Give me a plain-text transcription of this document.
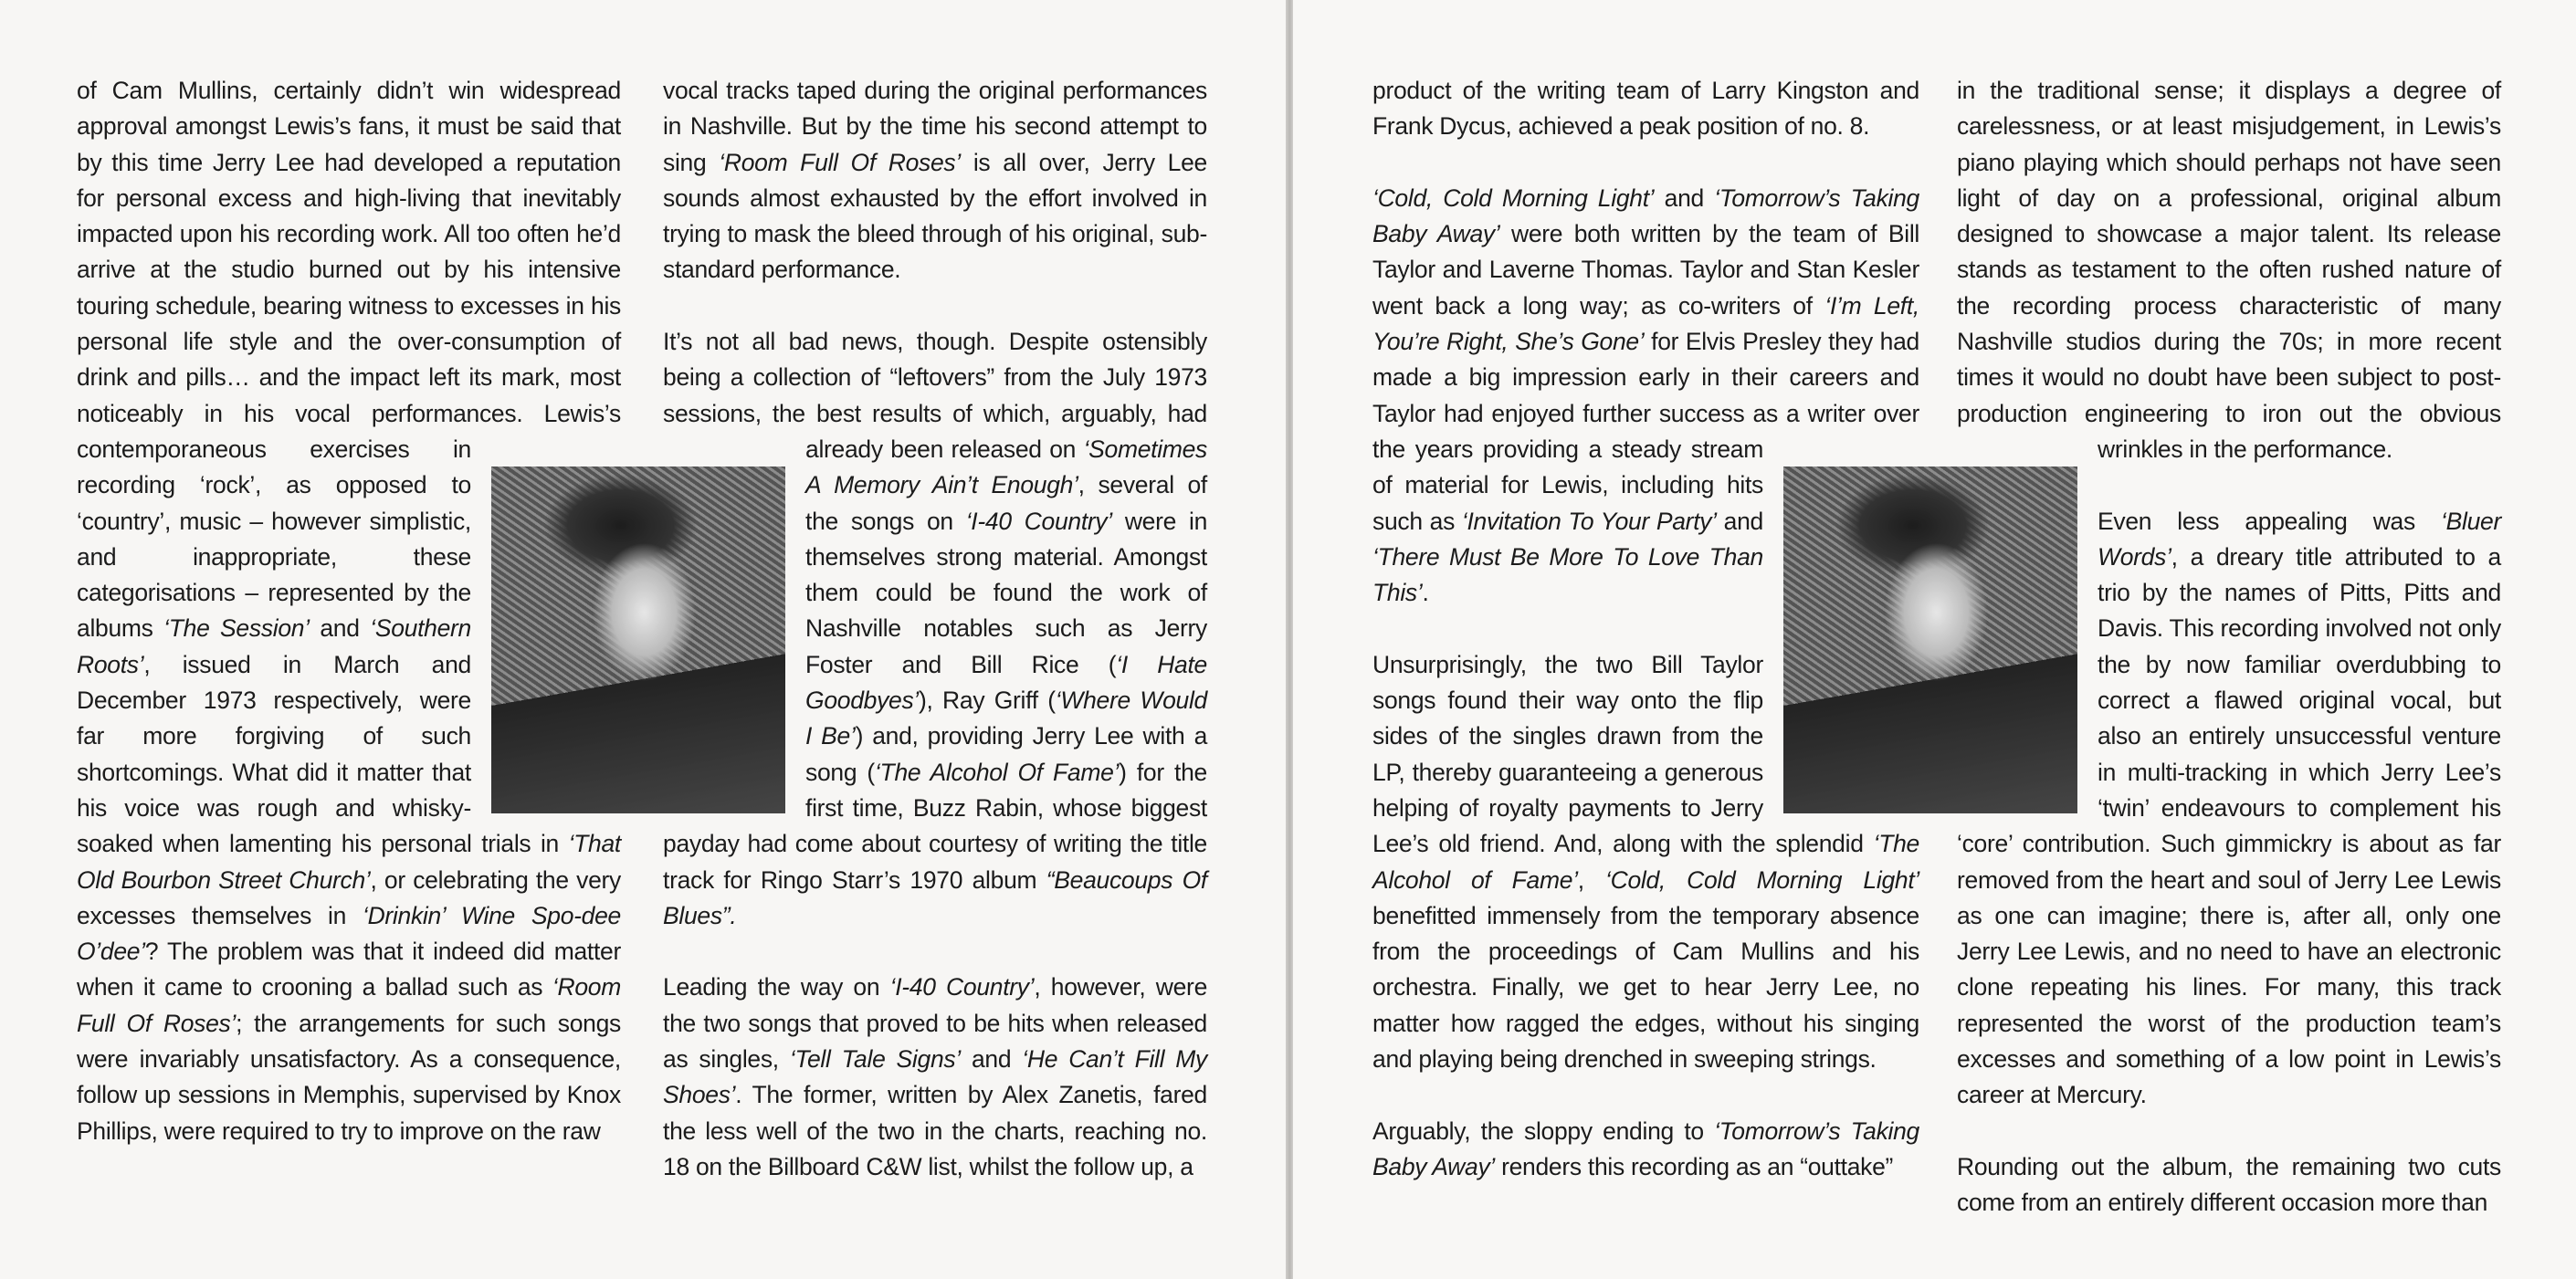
of Cam Mullins, certainly didn’t win widespread approval amongst Lewis’s fans, it must be said that by this time Jerry Lee had developed a reputation for personal excess and high-living that inevitably impacted upon his recording work. All too often he’d arrive at the studio burned out by his intensive touring schedule, bearing witness to excesses in his personal life style and the over-consumption of drink and pills… and the impact left its mark, most noticeably in his vocal performances. Lewis’s contemporaneous exercises in recording ‘rock’, as opposed to ‘country’, music – however simplistic, and inappropriate, these categorisations – represented by the albums ‘The Session’ and ‘Southern Roots’, issued in March and December 1973 respectively, were far more forgiving of such shortcomings. What did it matter that his voice was rough and whisky-soaked when lamenting his personal trials in ‘That Old Bourbon Street Church’, or celebrating the very excesses themselves in ‘Drinkin’ Wine Spo-dee O’dee’? The problem was that it indeed did matter when it came to crooning a ballad such as ‘Room Full Of Roses’; the arrangements for such songs were invariably unsatisfactory. As a consequence, follow up sessions in Memphis, supervised by Knox Phillips, were required to try to improve on the raw

vocal tracks taped during the original performances in Nashville. But by the time his second attempt to sing ‘Room Full Of Roses’ is all over, Jerry Lee sounds almost exhausted by the effort involved in trying to mask the bleed through of his original, sub-standard performance.

It’s not all bad news, though. Despite ostensibly being a collection of “leftovers” from the July 1973 sessions, the best results of which, arguably, had already been released on ‘Sometimes A Memory Ain’t Enough’, several of the songs on ‘I-40 Country’ were in themselves strong material. Amongst them could be found the work of Nashville notables such as Jerry Foster and Bill Rice (‘I Hate Goodbyes’), Ray Griff (‘Where Would I Be’) and, providing Jerry Lee with a song (‘The Alcohol Of Fame’) for the first time, Buzz Rabin, whose biggest payday had come about courtesy of writing the title track for Ringo Starr’s 1970 album “Beaucoups Of Blues”.

Leading the way on ‘I-40 Country’, however, were the two songs that proved to be hits when released as singles, ‘Tell Tale Signs’ and ‘He Can’t Fill My Shoes’. The former, written by Alex Zanetis, fared the less well of the two in the charts, reaching no. 18 on the Billboard C&W list, whilst the follow up, a

product of the writing team of Larry Kingston and Frank Dycus, achieved a peak position of no. 8.

‘Cold, Cold Morning Light’ and ‘Tomorrow’s Taking Baby Away’ were both written by the team of Bill Taylor and Laverne Thomas. Taylor and Stan Kesler went back a long way; as co-writers of ‘I’m Left, You’re Right, She’s Gone’ for Elvis Presley they had made a big impression early in their careers and Taylor had enjoyed further success as a writer over the years providing a steady stream of material for Lewis, including hits such as ‘Invitation To Your Party’ and ‘There Must Be More To Love Than This’.

Unsurprisingly, the two Bill Taylor songs found their way onto the flip sides of the singles drawn from the LP, thereby guaranteeing a generous helping of royalty payments to Jerry Lee’s old friend. And, along with the splendid ‘The Alcohol of Fame’, ‘Cold, Cold Morning Light’ benefitted immensely from the temporary absence from the proceedings of Cam Mullins and his orchestra. Finally, we get to hear Jerry Lee, no matter how ragged the edges, without his singing and playing being drenched in sweeping strings.

Arguably, the sloppy ending to ‘Tomorrow’s Taking Baby Away’ renders this recording as an “outtake”

in the traditional sense; it displays a degree of carelessness, or at least misjudgement, in Lewis’s piano playing which should perhaps not have seen light of day on a professional, original album designed to showcase a major talent. Its release stands as testament to the often rushed nature of the recording process characteristic of many Nashville studios during the 70s; in more recent times it would no doubt have been subject to post-production engineering to iron out the obvious wrinkles in the performance.

Even less appealing was ‘Bluer Words’, a dreary title attributed to a trio by the names of Pitts, Pitts and Davis. This recording involved not only the by now familiar overdubbing to correct a flawed original vocal, but also an entirely unsuccessful venture in multi-tracking in which Jerry Lee’s ‘twin’ endeavours to complement his ‘core’ contribution. Such gimmickry is about as far removed from the heart and soul of Jerry Lee Lewis as one can imagine; there is, after all, only one Jerry Lee Lewis, and no need to have an electronic clone repeating his lines. For many, this track represented the worst of the production team’s excesses and something of a low point in Lewis’s career at Mercury.

Rounding out the album, the remaining two cuts come from an entirely different occasion more than
